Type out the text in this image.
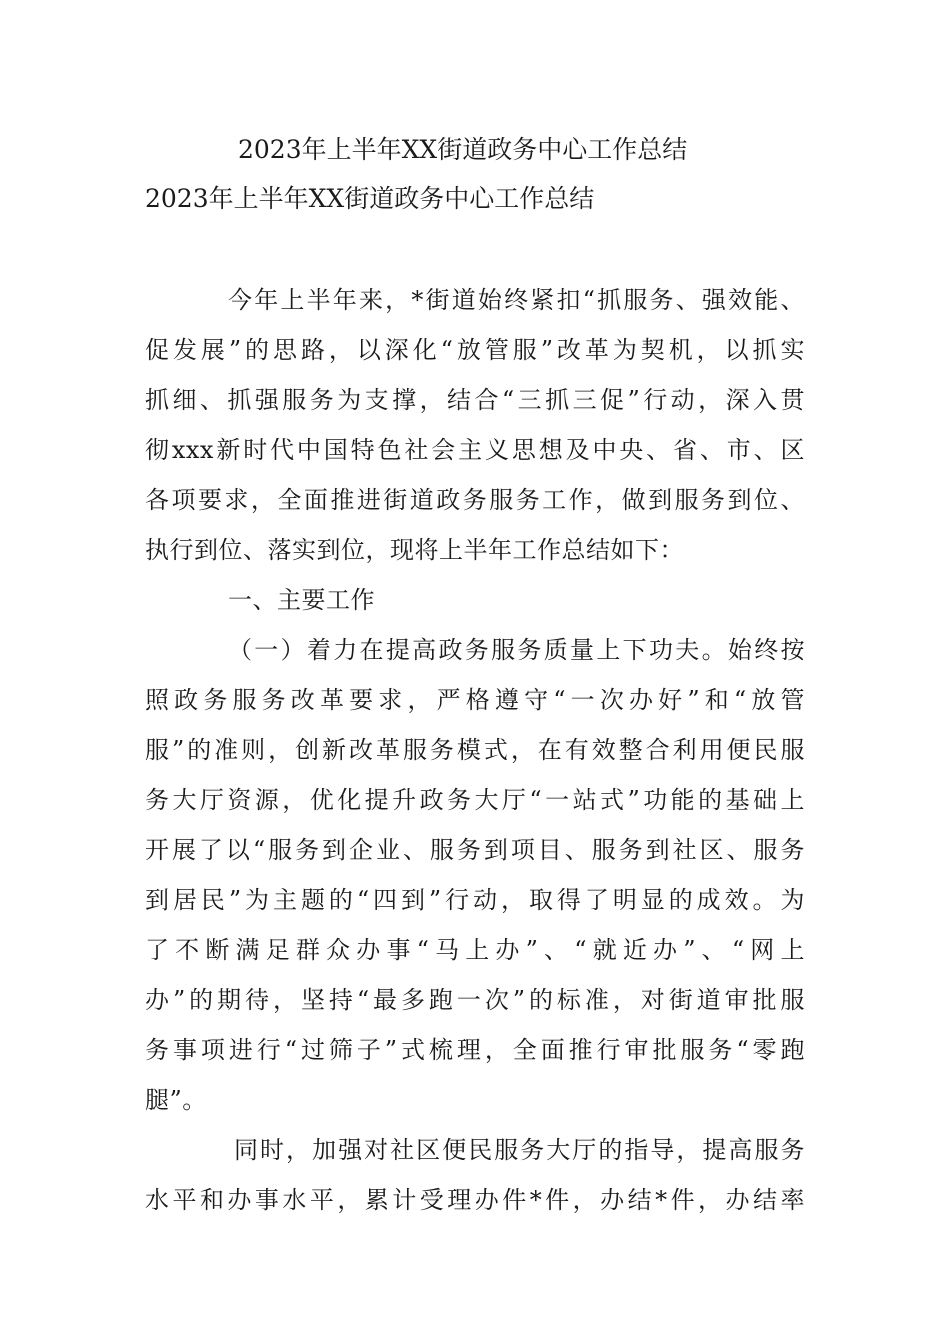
2023年上半年XX街道政务中心工作总结
2023年上半年XX街道政务中心工作总结
今年上半年来，*街道始终紧扣“抓服务、强效能、
促发展”的思路，以深化“放管服”改革为契机，以抓实
抓细、抓强服务为支撑，结合“三抓三促”行动，深入贯
彻xxx新时代中国特色社会主义思想及中央、省、市、区
各项要求，全面推进街道政务服务工作，做到服务到位、
执行到位、落实到位，现将上半年工作总结如下：
一、主要工作
（一）着力在提高政务服务质量上下功夫。始终按
照政务服务改革要求，严格遵守“一次办好”和“放管
服”的准则，创新改革服务模式，在有效整合利用便民服
务大厅资源，优化提升政务大厅“一站式”功能的基础上
开展了以“服务到企业、服务到项目、服务到社区、服务
到居民”为主题的“四到”行动，取得了明显的成效。为
了不断满足群众办事“马上办”、“就近办”、“网上
办”的期待，坚持“最多跑一次”的标准，对街道审批服
务事项进行“过筛子”式梳理，全面推行审批服务“零跑
腿”。
同时，加强对社区便民服务大厅的指导，提高服务
水平和办事水平，累计受理办件*件，办结*件，办结率
